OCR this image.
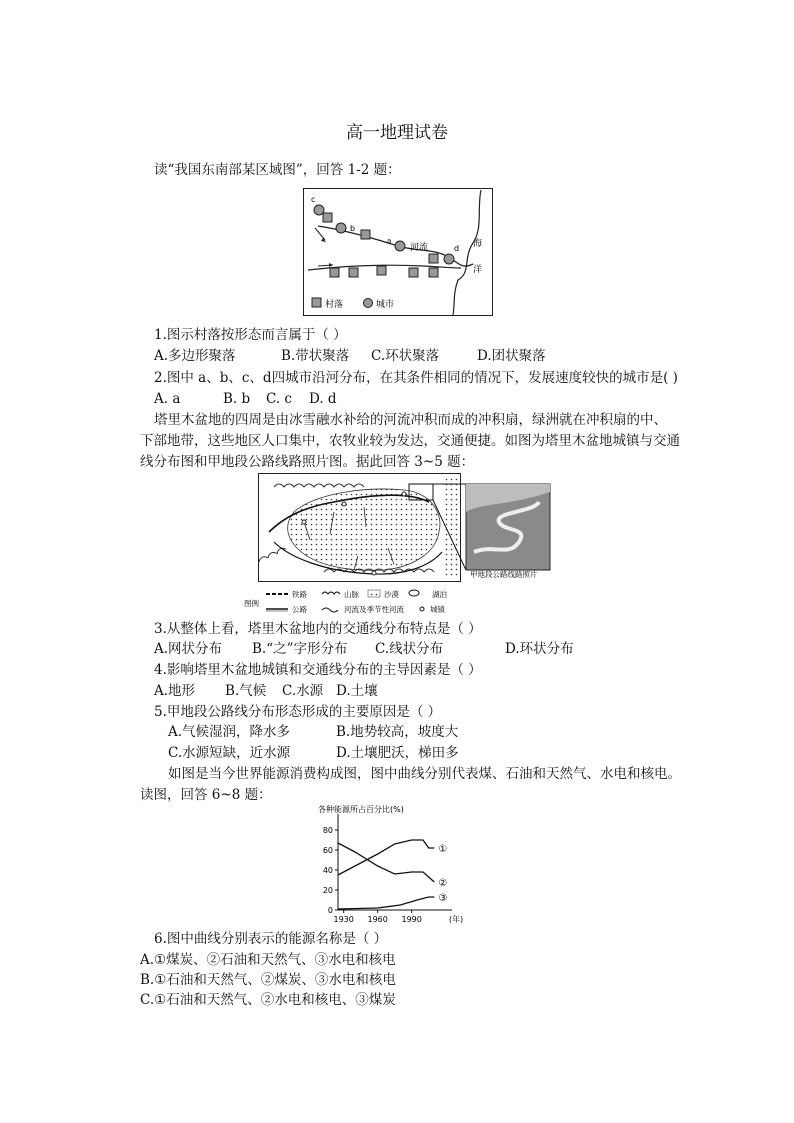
高一地理试卷
读“我国东南部某区域图”，回答 1-2 题：
c
b
a
河流	d 海
洋
村落	城市
1.图示村落按形态而言属于（ ）
A.多边形聚落	B.带状聚落 C.环状聚落	D.团状聚落
2.图中 a、b、c、d四城市沿河分布，在其条件相同的情况下，发展速度较快的城市是( )
A. a	B. b C. c D. d
塔里木盆地的四周是由冰雪融水补给的河流冲积而成的冲积扇，绿洲就在冲积扇的中、
下部地带，这些地区人口集中，农牧业较为发达，交通便捷。如图为塔里木盆地城镇与交通
线分布图和甲地段公路线路照片图。据此回答 3~5 题：
甲地段公路线路照片
图例
铁路	山脉	沙漠	湖泊
公路	河流及季节性河流	城镇
3.从整体上看，塔里木盆地内的交通线分布特点是（ ）
A.网状分布 B.“之”字形分布 C.线状分布	D.环状分布
4.影响塔里木盆地城镇和交通线分布的主导因素是（ ）
A.地形 B.气候 C.水源 D.土壤
5.甲地段公路线分布形态形成的主要原因是（ ）
A.气候湿润，降水多	B.地势较高，坡度大
C.水源短缺，近水源	D.土壤肥沃，梯田多
如图是当今世界能源消费构成图，图中曲线分别代表煤、石油和天然气、水电和核电。
读图，回答 6~8 题：
各种能源所占百分比(%)
0
20
40
60
80
1930 1960 1990	(年)
①
②
③
6.图中曲线分别表示的能源名称是（ ）
A.①煤炭、②石油和天然气、③水电和核电
B.①石油和天然气、②煤炭、③水电和核电
C.①石油和天然气、②水电和核电、③煤炭
